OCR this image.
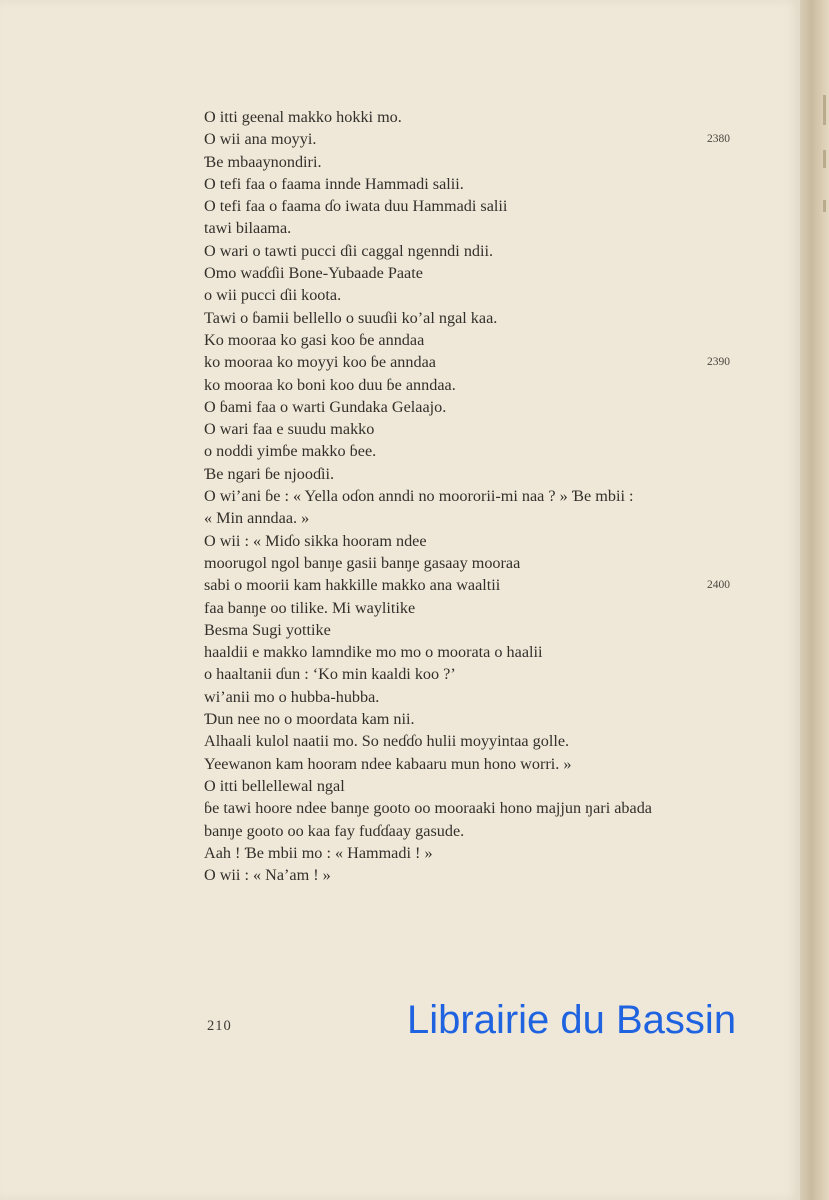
O itti geenal makko hokki mo.
O wii ana moyyi.	2380
Ɓe mbaaynondiri.
O tefi faa o faama innde Hammadi salii.
O tefi faa o faama ɗo iwata duu Hammadi salii
tawi bilaama.
O wari o tawti pucci ɗii caggal ngenndi ndii.
Omo waɗɗii Bone-Yubaade Paate
o wii pucci ɗii koota.
Tawi o ɓamii bellello o suuɗii ko’al ngal kaa.
Ko mooraa ko gasi koo ɓe anndaa
ko mooraa ko moyyi koo ɓe anndaa	2390
ko mooraa ko boni koo duu ɓe anndaa.
O ɓami faa o warti Gundaka Gelaajo.
O wari faa e suudu makko
o noddi yimɓe makko ɓee.
Ɓe ngari ɓe njooɗii.
O wi’ani ɓe : « Yella oɗon anndi no moororii-mi naa ? » Ɓe mbii :
« Min anndaa. »
O wii : « Miɗo sikka hooram ndee
moorugol ngol banŋe gasii banŋe gasaay mooraa
sabi o moorii kam hakkille makko ana waaltii	2400
faa banŋe oo tilike. Mi waylitike
Besma Sugi yottike
haaldii e makko lamndike mo mo o moorata o haalii
o haaltanii ɗun : ‘Ko min kaaldi koo ?’
wi’anii mo o hubba-hubba.
Ɗun nee no o moordata kam nii.
Alhaali kulol naatii mo. So neɗɗo hulii moyyintaa golle.
Yeewanon kam hooram ndee kabaaru mun hono worri. »
O itti bellellewal ngal
ɓe tawi hoore ndee banŋe gooto oo mooraaki hono majjun ŋari abada
banŋe gooto oo kaa fay fuɗɗaay gasude.
Aah ! Ɓe mbii mo : « Hammadi ! »
O wii : « Na’am ! »
210	Librairie du Bassin
